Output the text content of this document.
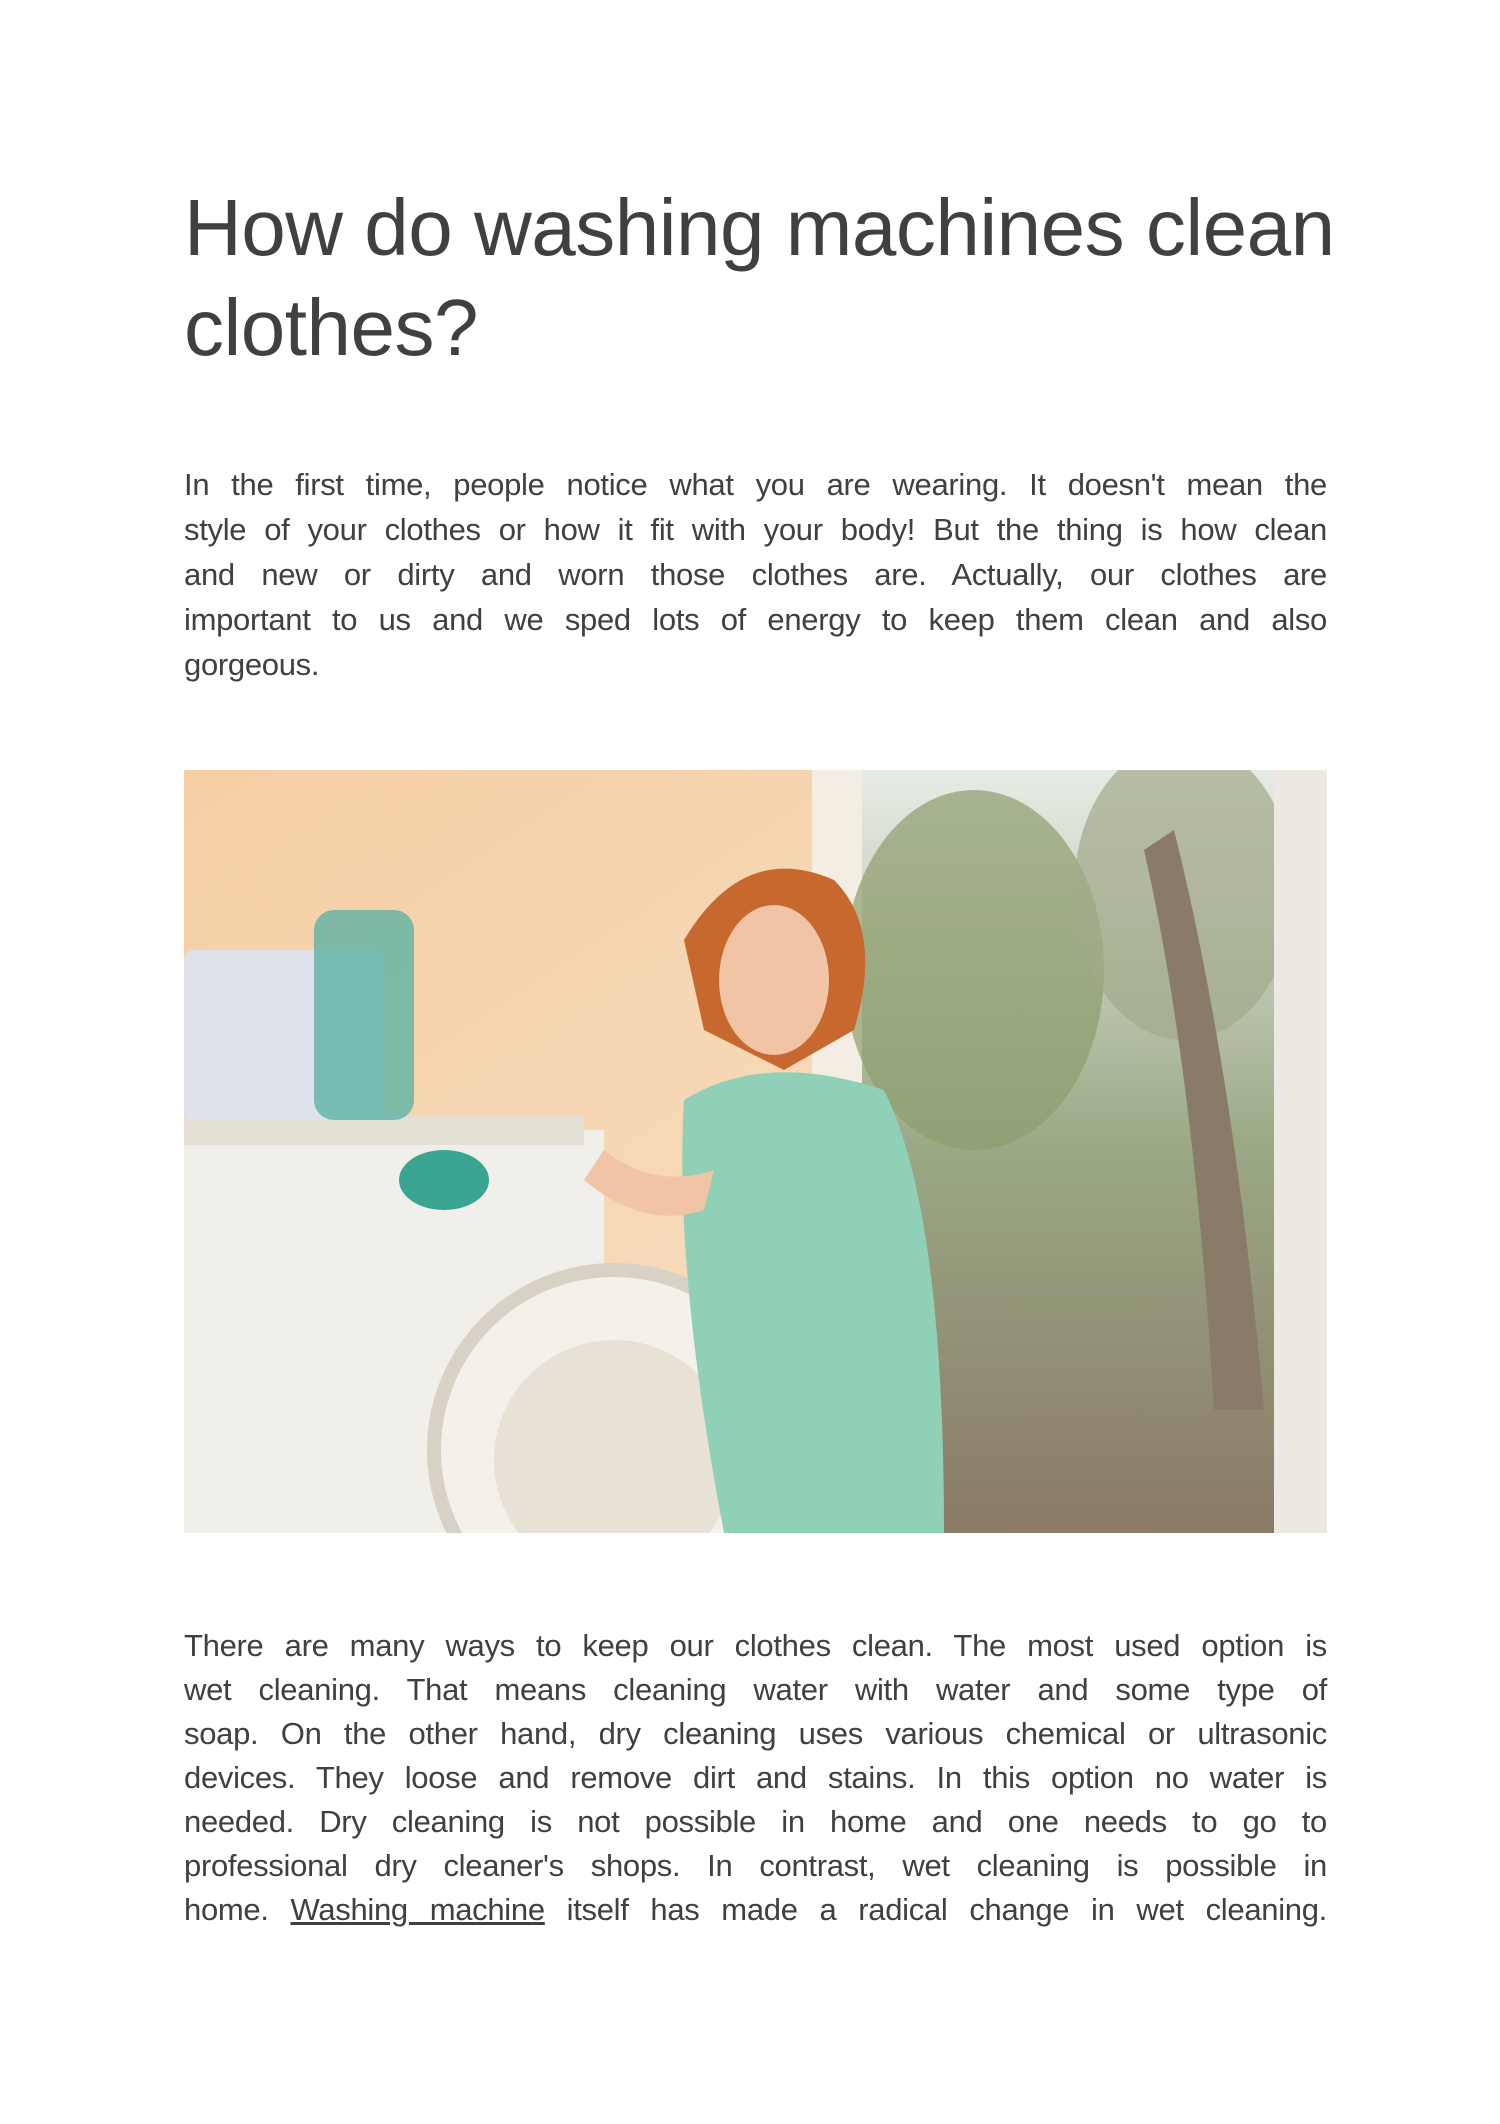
How do washing machines clean clothes?
In the first time, people notice what you are wearing. It doesn't mean the
style of your clothes or how it fit with your body! But the thing is how clean
and new or dirty and worn those clothes are. Actually, our clothes are
important to us and we sped lots of energy to keep them clean and also
gorgeous.
There are many ways to keep our clothes clean. The most used option is
wet cleaning. That means cleaning water with water and some type of
soap. On the other hand, dry cleaning uses various chemical or ultrasonic
devices. They loose and remove dirt and stains. In this option no water is
needed. Dry cleaning is not possible in home and one needs to go to
professional dry cleaner's shops. In contrast, wet cleaning is possible in
home. Washing machine itself has made a radical change in wet cleaning.
